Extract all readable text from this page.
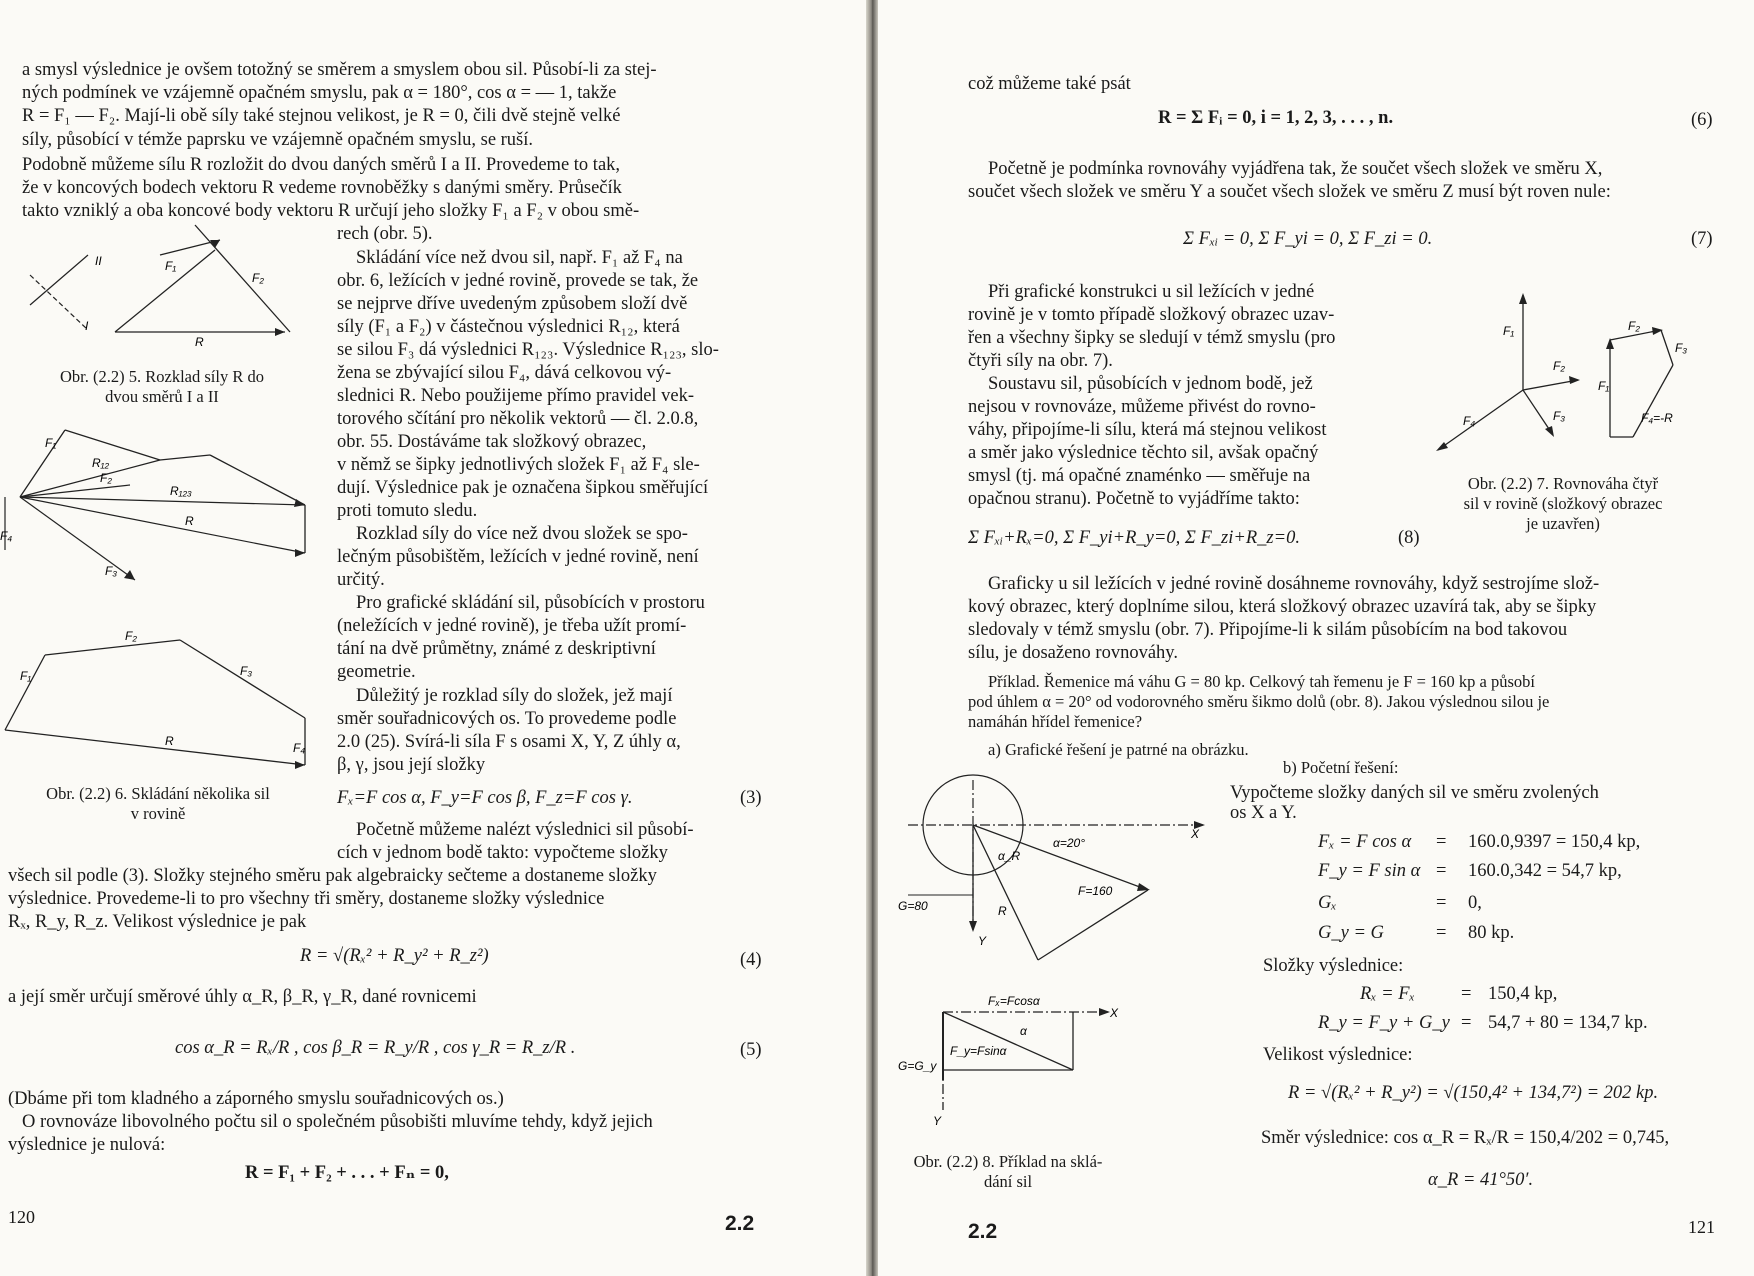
a smysl výslednice je ovšem totožný se směrem a smyslem obou sil. Působí-li za stej-
ných podmínek ve vzájemně opačném smyslu, pak α = 180°, cos α = — 1, takže
R = F₁ — F₂. Mají-li obě síly také stejnou velikost, je R = 0, čili dvě stejně velké
síly, působící v témže paprsku ve vzájemně opačném smyslu, se ruší.
Podobně můžeme sílu R rozložit do dvou daných směrů I a II. Provedeme to tak,
že v koncových bodech vektoru R vedeme rovnoběžky s danými směry. Průsečík
takto vzniklý a oba koncové body vektoru R určují jeho složky F₁ a F₂ v obou smě-
rech (obr. 5).
II
I
F₁
F₂
R
Obr. (2.2) 5. Rozklad síly R do
dvou směrů I a II
F₁
R₁₂
F₂
R₁₂₃
R
F₃
F₄
F₁
F₂
F₃
R	F₄
Obr. (2.2) 6. Skládání několika sil
v rovině
Skládání více než dvou sil, např. F₁ až F₄ na
obr. 6, ležících v jedné rovině, provede se tak, že
se nejprve dříve uvedeným způsobem složí dvě
síly (F₁ a F₂) v částečnou výslednici R₁₂, která
se silou F₃ dá výslednici R₁₂₃. Výslednice R₁₂₃, slo-
žena se zbývající silou F₄, dává celkovou vý-
slednici R. Nebo použijeme přímo pravidel vek-
torového sčítání pro několik vektorů — čl. 2.0.8,
obr. 55. Dostáváme tak složkový obrazec,
v němž se šipky jednotlivých složek F₁ až F₄ sle-
dují. Výslednice pak je označena šipkou směřující
proti tomuto sledu.
Rozklad síly do více než dvou složek se spo-
lečným působištěm, ležících v jedné rovině, není
určitý.
Pro grafické skládání sil, působících v prostoru
(neležících v jedné rovině), je třeba užít promí-
tání na dvě průmětny, známé z deskriptivní
geometrie.
Důležitý je rozklad síly do složek, jež mají
směr souřadnicových os. To provedeme podle
2.0 (25). Svírá-li síla F s osami X, Y, Z úhly α,
β, γ, jsou její složky
Fₓ=F cos α, F_y=F cos β, F_z=F cos γ.	(3)
Početně můžeme nalézt výslednici sil působí-
cích v jednom bodě takto: vypočteme složky
všech sil podle (3). Složky stejného směru pak algebraicky sečteme a dostaneme složky
výslednice. Provedeme-li to pro všechny tři směry, dostaneme složky výslednice
Rₓ, R_y, R_z. Velikost výslednice je pak
R = √(Rₓ² + R_y² + R_z²)	(4)
a její směr určují směrové úhly α_R, β_R, γ_R, dané rovnicemi
cos α_R = Rₓ/R , cos β_R = R_y/R , cos γ_R = R_z/R .	(5)
(Dbáme při tom kladného a záporného smyslu souřadnicových os.)
O rovnováze libovolného počtu sil o společném působišti mluvíme tehdy, když jejich
výslednice je nulová:
R = F₁ + F₂ + . . . + Fₙ = 0,
120	2.2
což můžeme také psát
R = Σ Fᵢ = 0, i = 1, 2, 3, . . . , n.	(6)
Početně je podmínka rovnováhy vyjádřena tak, že součet všech složek ve směru X,
součet všech složek ve směru Y a součet všech složek ve směru Z musí být roven nule:
Σ Fₓᵢ = 0, Σ F_yi = 0, Σ F_zi = 0.	(7)
Při grafické konstrukci u sil ležících v jedné
rovině je v tomto případě složkový obrazec uzav-
řen a všechny šipky se sledují v témž smyslu (pro
čtyři síly na obr. 7).
Soustavu sil, působících v jednom bodě, jež
nejsou v rovnováze, můžeme přivést do rovno-
váhy, připojíme-li sílu, která má stejnou velikost
a směr jako výslednice těchto sil, avšak opačný
smysl (tj. má opačné znaménko — směřuje na
opačnou stranu). Početně to vyjádříme takto:
F₁
F₂
F₃
F₄
F₁
F₂
F₃
F₄=-R
Obr. (2.2) 7. Rovnováha čtyř
sil v rovině (složkový obrazec
je uzavřen)
Σ Fₓᵢ+Rₓ=0, Σ F_yi+R_y=0, Σ F_zi+R_z=0.	(8)
Graficky u sil ležících v jedné rovině dosáhneme rovnováhy, když sestrojíme slož-
kový obrazec, který doplníme silou, která složkový obrazec uzavírá tak, aby se šipky
sledovaly v témž smyslu (obr. 7). Připojíme-li k silám působícím na bod takovou
sílu, je dosaženo rovnováhy.
Příklad. Řemenice má váhu G = 80 kp. Celkový tah řemenu je F = 160 kp a působí
pod úhlem α = 20° od vodorovného směru šikmo dolů (obr. 8). Jakou výslednou silou je
namáhán hřídel řemenice?
a) Grafické řešení je patrné na obrázku.
b) Početní řešení:
Vypočteme složky daných sil ve směru zvolených
os X a Y.
Fₓ = F cos α = 160.0,9397 = 150,4 kp,
F_y = F sin α = 160.0,342 = 54,7 kp,
Gₓ	= 0,
G_y = G	= 80 kp.
Složky výslednice:
Rₓ = Fₓ = 150,4 kp,
R_y = F_y + G_y = 54,7 + 80 = 134,7 kp.
Velikost výslednice:
R = √(Rₓ² + R_y²) = √(150,4² + 134,7²) = 202 kp.
Směr výslednice: cos α_R = Rₓ/R = 150,4/202 = 0,745,
α_R = 41°50′.
X
α=20°
F=160
α_R
R
G=80
Y
X
Y
Fₓ=Fcosα
F_y=Fsinα
α
G=G_y
Obr. (2.2) 8. Příklad na sklá-
dání sil
2.2	121
